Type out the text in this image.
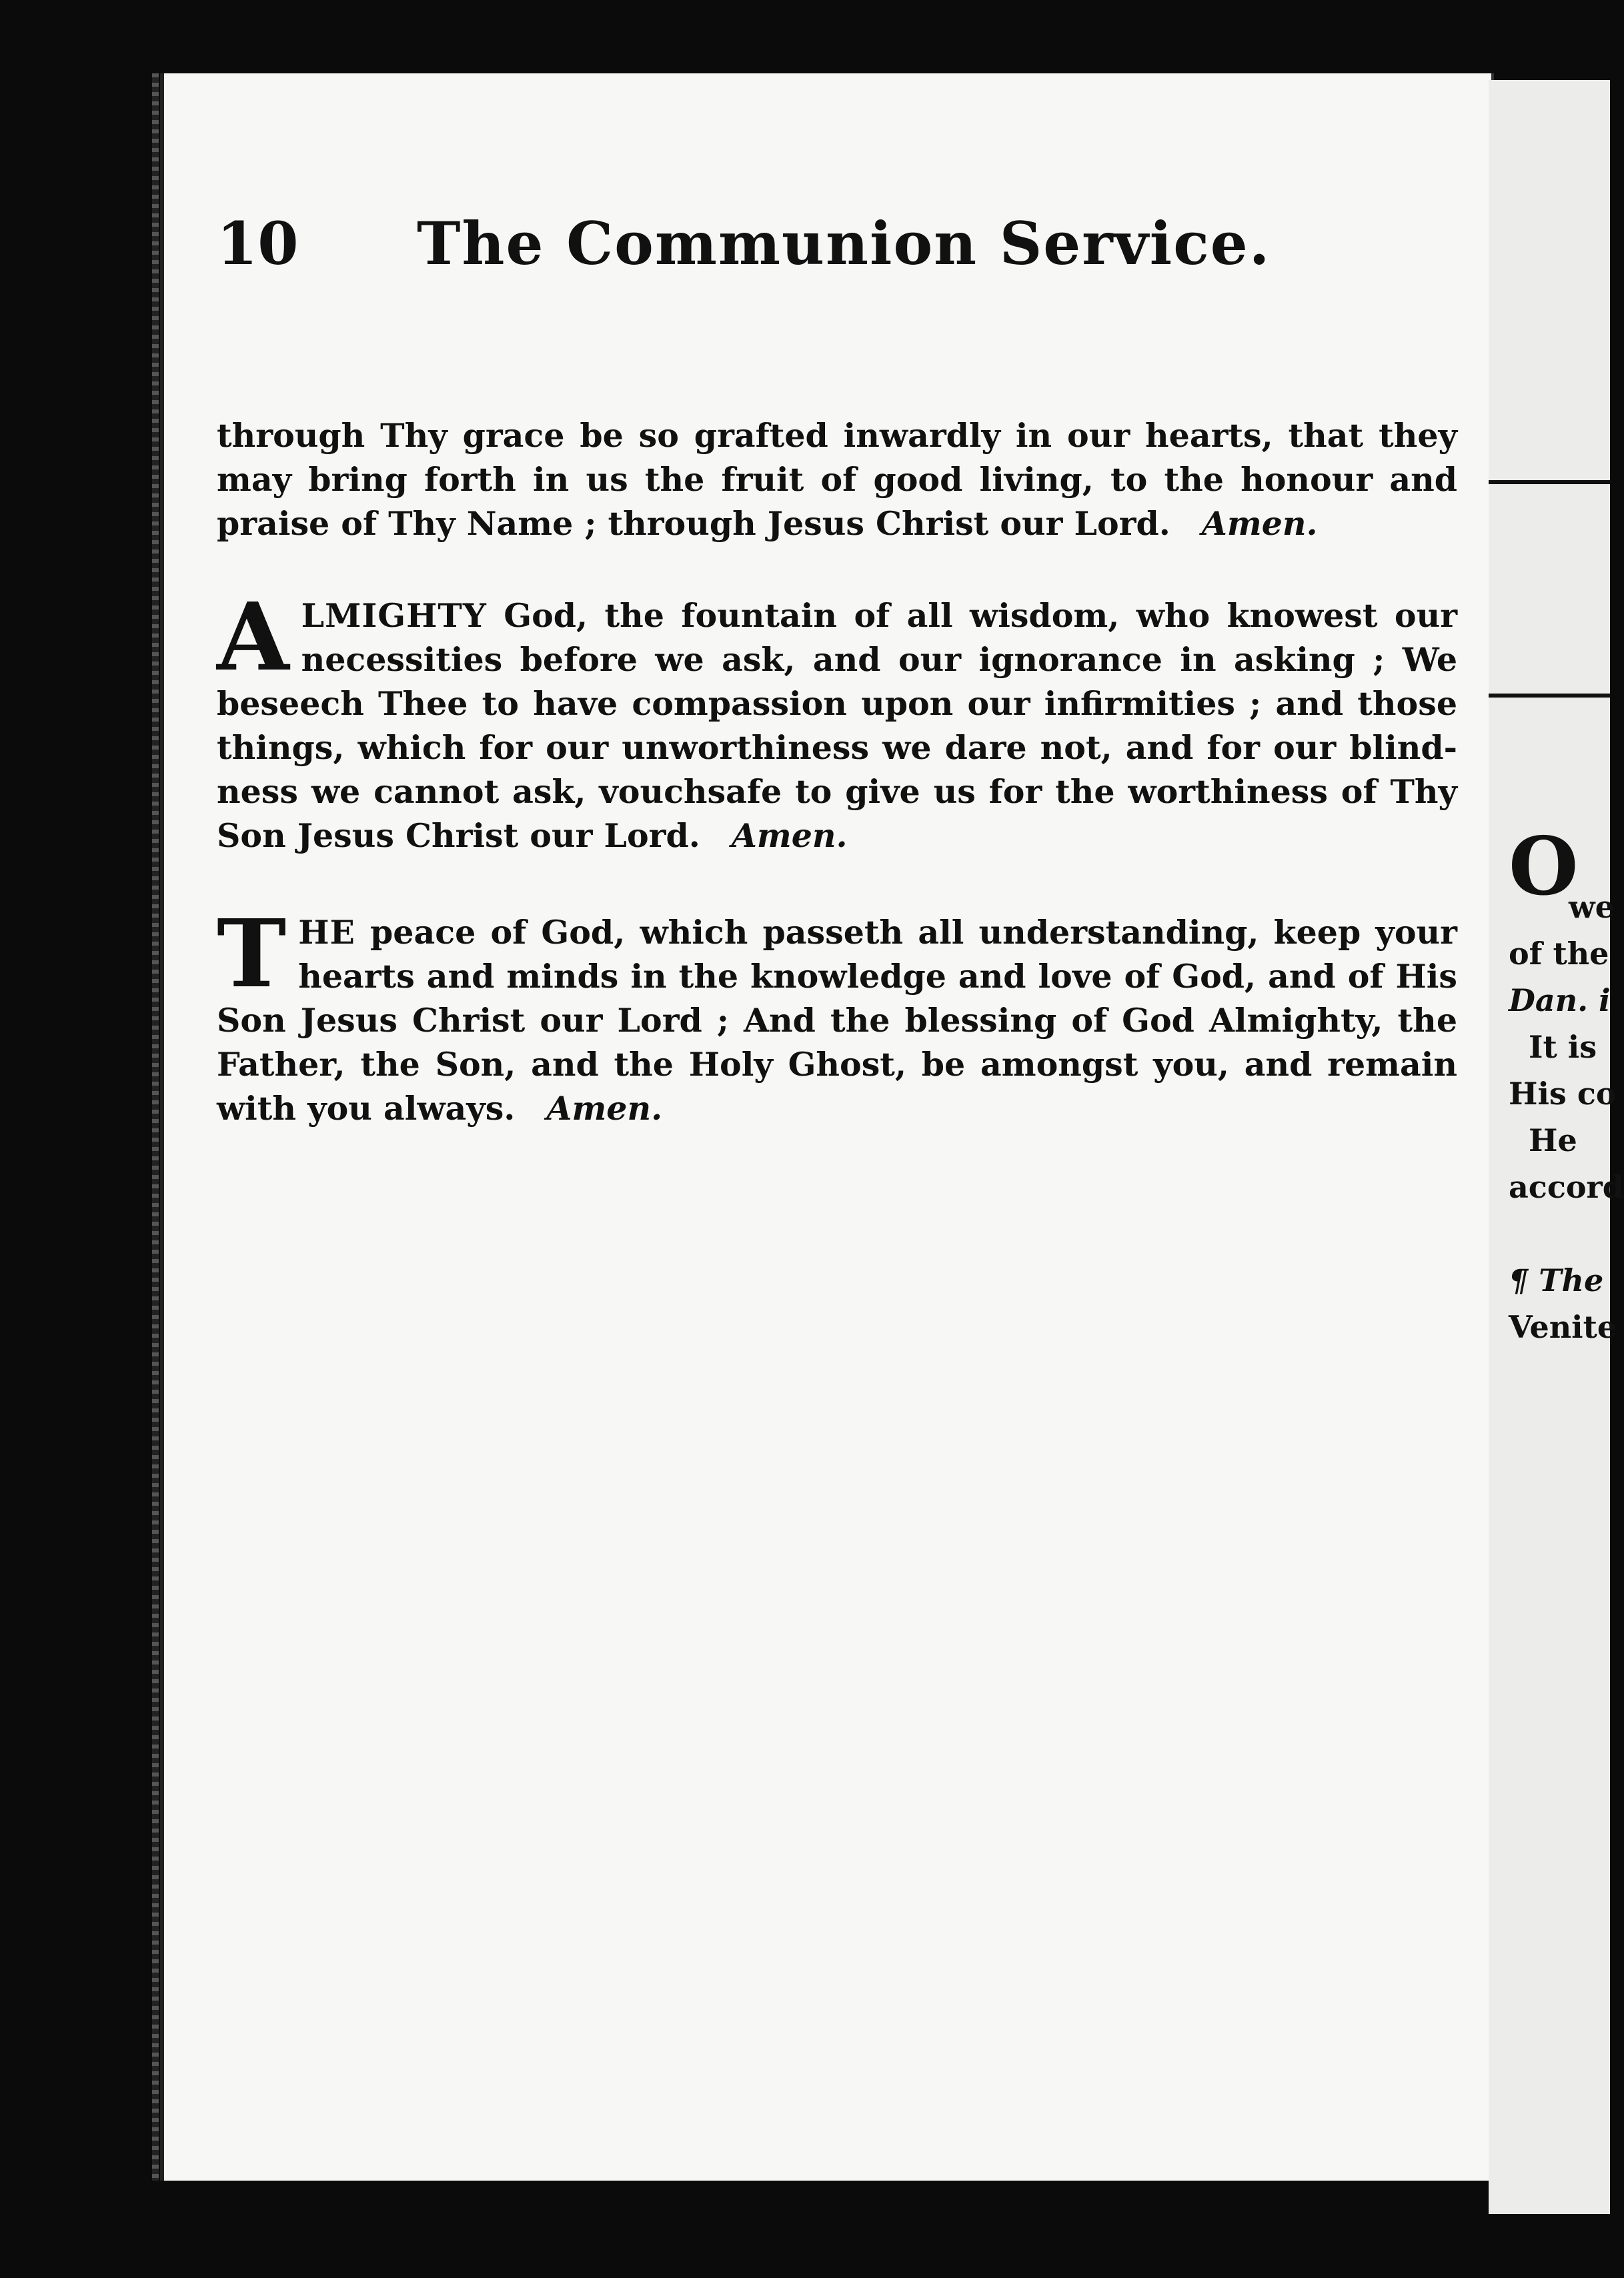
10 The Communion Service.
through Thy grace be so grafted inwardly in our hearts, that they may bring forth in us the fruit of good living, to the honour and praise of Thy Name ; through Jesus Christ our Lord. Amen.
A LMIGHTY God, the fountain of all wisdom, who knowest our necessities before we ask, and our ignorance in asking ; We beseech Thee to have compassion upon our infirmities ; and those things, which for our unworthiness we dare not, and for our blind-ness we cannot ask, vouchsafe to give us for the worthiness of Thy Son Jesus Christ our Lord. Amen.

T HE peace of God, which passeth all understanding, keep your hearts and minds in the knowledge and love of God, and of His Son Jesus Christ our Lord ; And the blessing of God Almighty, the Father, the Son, and the Holy Ghost, be amongst you, and remain with you always. Amen.

O
we
of the
Dan. i
It is
His co
He
accord
¶ The
Venite
